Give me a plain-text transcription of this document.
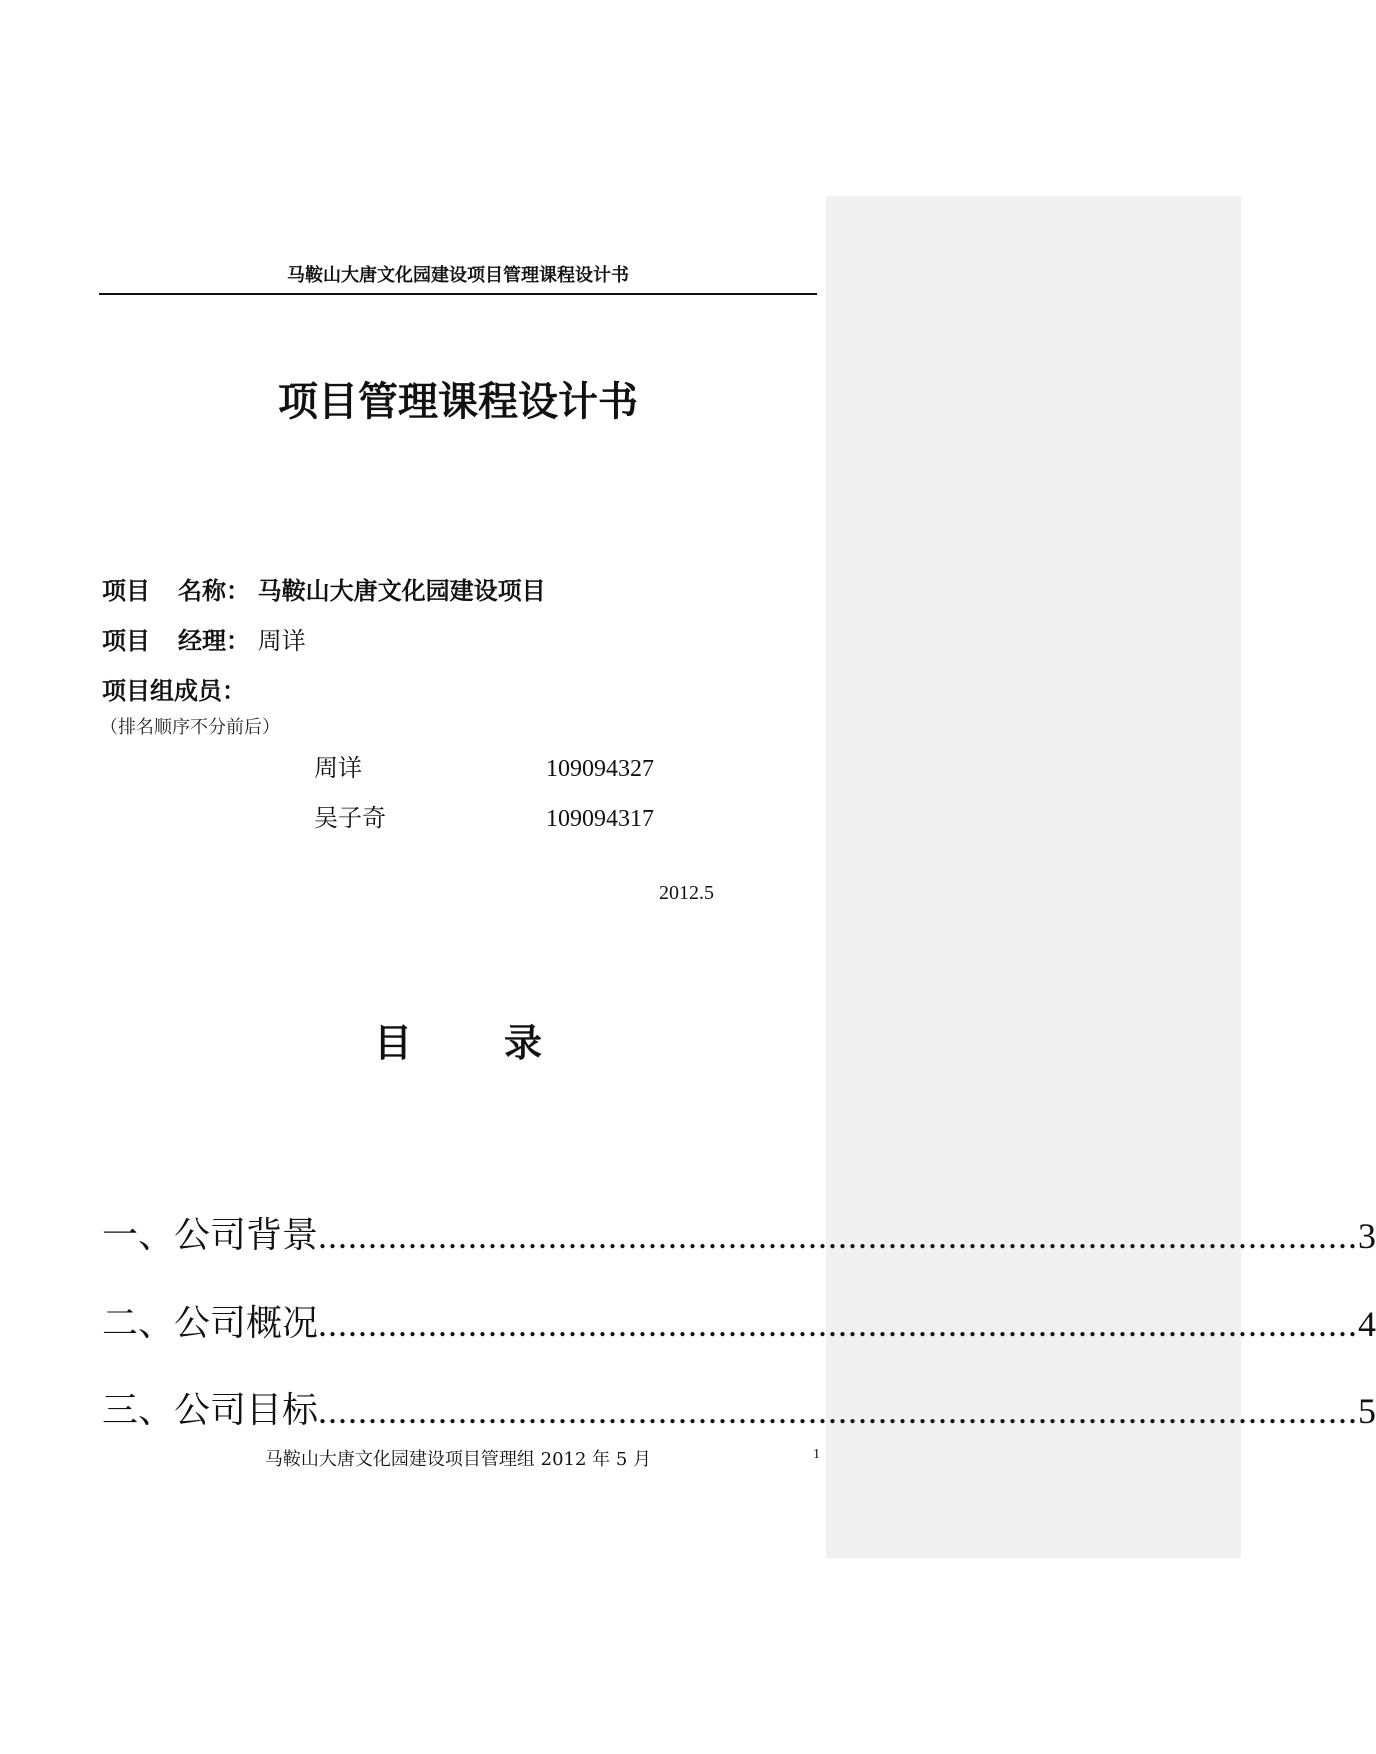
马鞍山大唐文化园建设项目管理课程设计书
项目管理课程设计书
项目 名称： 马鞍山大唐文化园建设项目
项目 经理： 周详
项目组成员：
（排名顺序不分前后）
周详	109094327
吴子奇	109094317
2012.5
目录
一、公司背景 ........................................................................................................ 3
二、公司概况 ........................................................................................................ 4
三、公司目标 ........................................................................................................ 5
马鞍山大唐文化园建设项目管理组 2012 年 5 月	1
